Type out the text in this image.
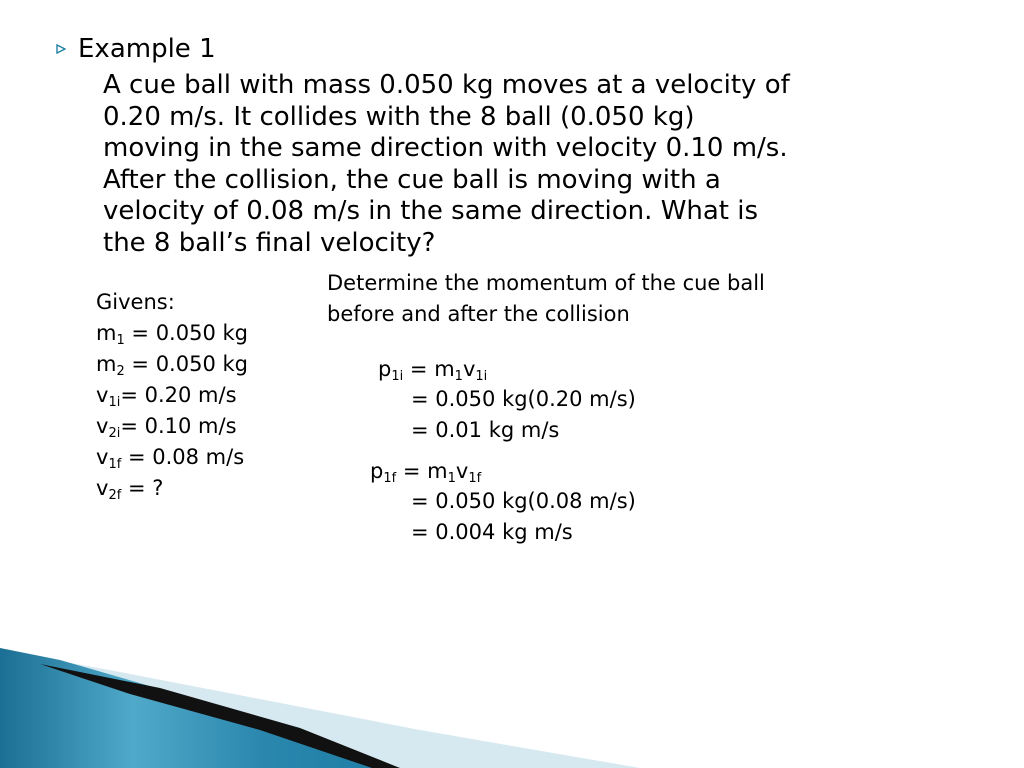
Example 1
A cue ball with mass 0.050 kg moves at a velocity of
0.20 m/s. It collides with the 8 ball (0.050 kg)
moving in the same direction with velocity 0.10 m/s.
After the collision, the cue ball is moving with a
velocity of 0.08 m/s in the same direction. What is
the 8 ball’s final velocity?
Givens:
$m_1 = 0.050$ kg
$m_2 = 0.050$ kg
$v_{1i}= 0.20$ m/s
$v_{2i}= 0.10$ m/s
$v_{1f} = 0.08$ m/s
$v_{2f}$ = ?
Determine the momentum of the cue ball
before and after the collision
$p_{1i} = m_1v_{1i}$
= 0.050 kg(0.20 m/s)
= 0.01 kg m/s
$p_{1f} = m_1v_{1f}$
= 0.050 kg(0.08 m/s)
= 0.004 kg m/s
